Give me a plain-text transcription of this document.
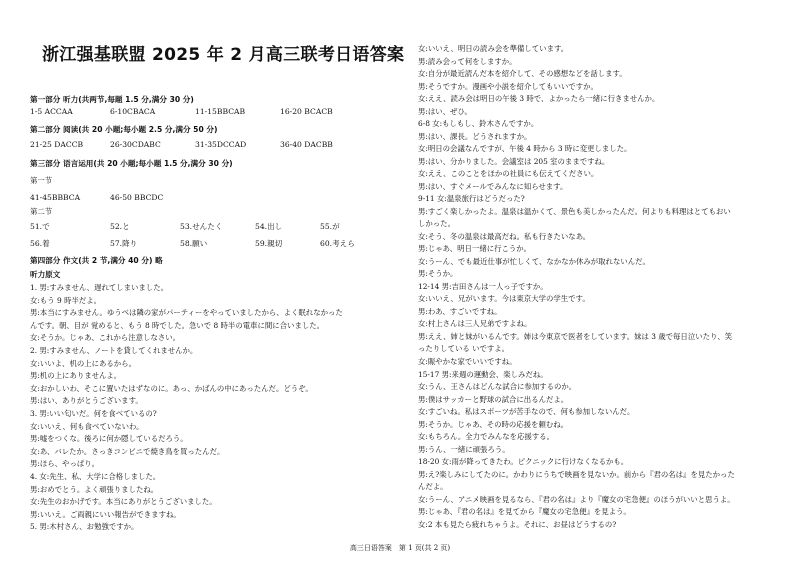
浙江强基联盟 2025 年 2 月高三联考日语答案
第一部分 听力(共两节,每题 1.5 分,满分 30 分)
1-5 ACCAA	6-10CBACA	11-15BBCAB	16-20 BCACB
第二部分 阅读(共 20 小题;每小题 2.5 分,满分 50 分)
21-25 DACCB	26-30CDABC	31-35DCCAD	36-40 DACBB
第三部分 语言运用(共 20 小题;每小题 1.5 分,满分 30 分)
第一节
41-45BBBCA	46-50 BBCDC
第二节
51.で	52.と	53.せんたく	54.出し	55.が
56.着	57.降り	58.願い	59.親切	60.考えら
第四部分 作文(共 2 节,满分 40 分) 略
听力原文
1. 男:すみません、遅れてしまいました。
女:もう 9 時半だよ。
男:本当にすみません。ゆうべは隣の家がパーティーをやっていましたから、よく眠れなかった
んです。朝、目が 覚めると、もう 8 時でした。急いで 8 時半の電車に間に合いました。
女:そうか。じゃあ、これから注意しなさい。
2. 男:すみません、ノートを貸してくれませんか。
女:いいよ、机の上にあるから。
男:机の上にありませんよ。
女:おかしいわ、そこに置いたはずなのに。あっ、かばんの中にあったんだ。どうぞ。
男:はい、ありがとうございます。
3. 男:いい匂いだ。何を食べているの?
女:いいえ、何も食べていないわ。
男:嘘をつくな。後ろに何か隠しているだろう。
女:あ、バレたか。さっきコンビニで焼き鳥を買ったんだ。
男:ほら、やっぱり。
4. 女:先生、私、大学に合格しました。
男:おめでとう。よく頑張りましたね。
女:先生のおかげです。本当にありがとうございました。
男:いいえ。ご両親にいい報告ができますね。
5. 男:木村さん、お勉強ですか。
女:いいえ、明日の読み会を準備しています。
男:読み会って何をしますか。
女:自分が最近読んだ本を紹介して、その感想などを話します。
男:そうですか。漫画や小説を紹介してもいいですか。
女:ええ、読み会は明日の午後 3 時で、よかったら一緒に行きませんか。
男:はい、ぜひ。
6-8 女:もしもし、鈴木さんですか。
男:はい、課長。どうされますか。
女:明日の会議なんですが、午後 4 時から 3 時に変更しました。
男:はい、分かりました。会議室は 205 室のままですね。
女:ええ、このことをほかの社員にも伝えてください。
男:はい、すぐメールでみんなに知らせます。
9-11 女:温泉旅行はどうだった?
男:すごく楽しかったよ。温泉は温かくて、景色も美しかったんだ。何よりも料理はとてもおい
しかった。
女:そう、冬の温泉は最高だね。私も行きたいなあ。
男:じゃあ、明日一緒に行こうか。
女:うーん、でも最近仕事が忙しくて、なかなか休みが取れないんだ。
男:そうか。
12-14 男:吉田さんは一人っ子ですか。
女:いいえ、兄がいます。今は東京大学の学生です。
男:わあ、すごいですね。
女:村上さんは三人兄弟ですよね。
男:ええ、姉と妹がいるんです。姉は今東京で医者をしています。妹は 3 歳で毎日泣いたり、笑
ったりしている いですよ。
女:賑やかな家でいいですね。
15-17 男:来週の運動会、楽しみだね。
女:うん、王さんはどんな試合に参加するのか。
男:僕はサッカーと野球の試合に出るんだよ。
女:すごいね。私はスポーツが苦手なので、何も参加しないんだ。
男:そうか。じゃあ、その時の応援を頼むね。
女:もちろん。全力でみんなを応援する。
男:うん、一緒に頑張ろう。
18-20 女:雨が降ってきたわ。ピクニックに行けなくなるかも。
男:え?楽しみにしてたのに。かわりにうちで映画を見ないか。前から『君の名は』を見たかった
んだよ。
女:うーん、アニメ映画を見るなら、『君の名は』より『魔女の宅急便』のほうがいいと思うよ。
男:じゃあ、『君の名は』を見てから『魔女の宅急便』を見よう。
女:2 本も見たら疲れちゃうよ。それに、お昼はどうするの?
高三日语答案　第 1 页(共 2 页)
